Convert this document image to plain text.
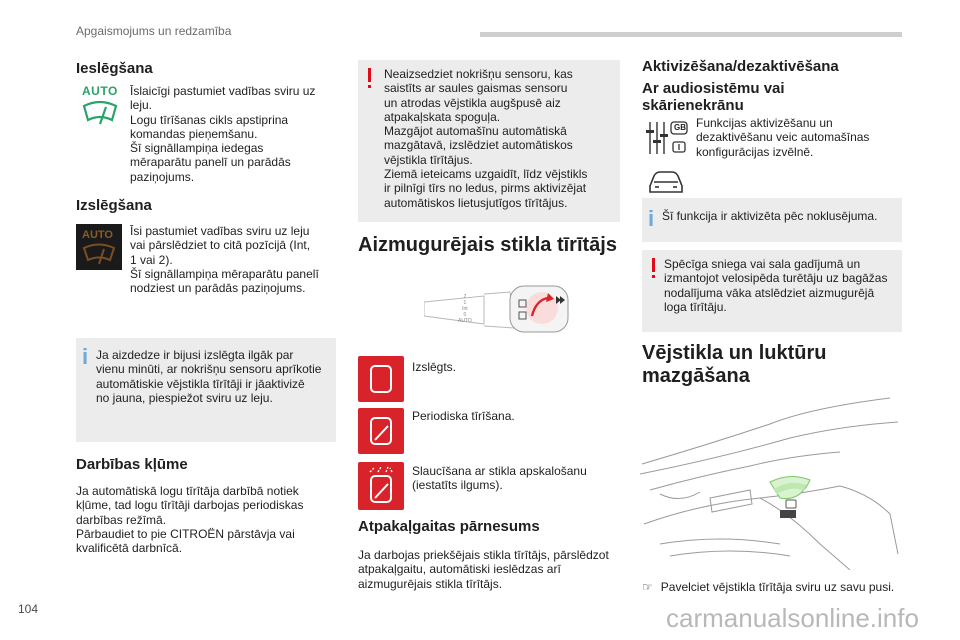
Apgaismojums un redzamība
Ieslēgšana
AUTO Īslaicīgi pastumiet vadības sviru uz
leju.
Logu tīrīšanas cikls apstiprina
komandas pieņemšanu.
Šī signāllampiņa iedegas
mēraparātu panelī un parādās
paziņojums.
Izslēgšana
AUTO Īsi pastumiet vadības sviru uz leju
vai pārslēdziet to citā pozīcijā (Int,
1 vai 2).
Šī signāllampiņa mēraparātu panelī
nodziest un parādās paziņojums.
i Ja aizdedze ir bijusi izslēgta ilgāk par
vienu minūti, ar nokrišņu sensoru aprīkotie
automātiskie vējstikla tīrītāji ir jāaktivizē
no jauna, piespiežot sviru uz leju.
Darbības kļūme
Ja automātiskā logu tīrītāja darbībā notiek
kļūme, tad logu tīrītāji darbojas periodiskas
darbības režīmā.
Pārbaudiet to pie CITROËN pārstāvja vai
kvalificētā darbnīcā.
Neaizsedziet nokrišņu sensoru, kas
saistīts ar saules gaismas sensoru
un atrodas vējstikla augšpusē aiz
atpakaļskata spoguļa.
Mazgājot automašīnu automātiskā
mazgātavā, izslēdziet automātiskos
vējstikla tīrītājus.
Ziemā ieteicams uzgaidīt, līdz vējstikls
ir pilnīgi tīrs no ledus, pirms aktivizējat
automātiskos lietusjutīgos tīrītājus.
Aizmugurējais stikla tīrītājs
2
1
Int
0
AUTO
Izslēgts.
Periodiska tīrīšana.
Slaucīšana ar stikla apskalošanu
(iestatīts ilgums).
Atpakaļgaitas pārnesums
Ja darbojas priekšējais stikla tīrītājs, pārslēdzot
atpakaļgaitu, automātiski ieslēdzas arī
aizmugurējais stikla tīrītājs.
Aktivizēšana/dezaktivēšana
Ar audiosistēmu vai
skārienekrānu
GB Funkcijas aktivizēšanu un
dezaktivēšanu veic automašīnas
konfigurācijas izvēlnē.
i Šī funkcija ir aktivizēta pēc noklusējuma.
Spēcīga sniega vai sala gadījumā un
izmantojot velosipēda turētāju uz bagāžas
nodalījuma vāka atslēdziet aizmugurējā
loga tīrītāju.
Vējstikla un luktūru
mazgāšana
☞ Pavelciet vējstikla tīrītāja sviru uz savu pusi.
104	carmanualsonline.info
